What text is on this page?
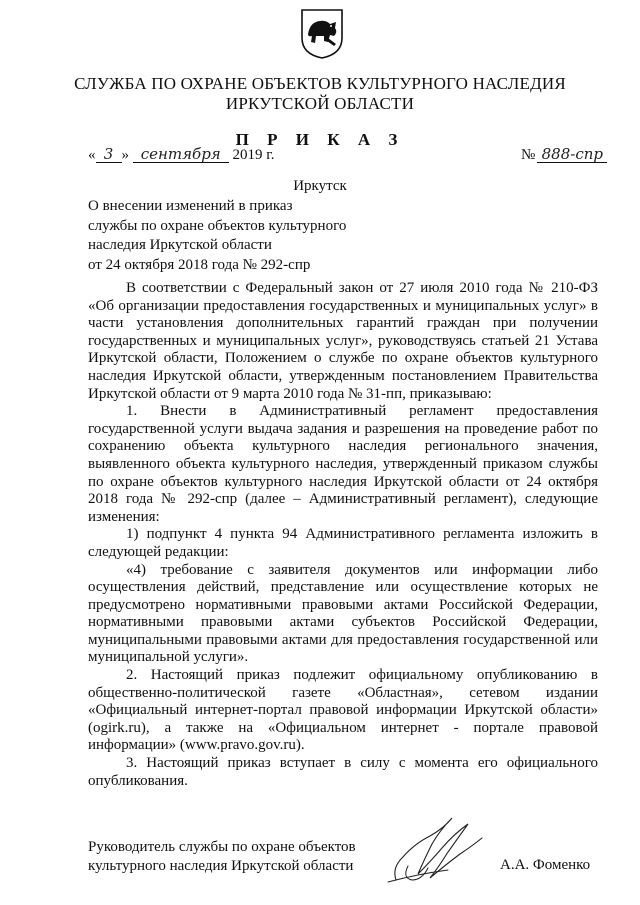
СЛУЖБА ПО ОХРАНЕ ОБЪЕКТОВ КУЛЬТУРНОГО НАСЛЕДИЯ
ИРКУТСКОЙ ОБЛАСТИ
П Р И К А З
« 3 » сентября 2019 г.	№ 888-спр
Иркутск
О внесении изменений в приказ
службы по охране объектов культурного
наследия Иркутской области
от 24 октября 2018 года № 292-спр

В соответствии с Федеральный закон от 27 июля 2010 года № 210-ФЗ «Об организации предоставления государственных и муниципальных услуг» в части установления дополнительных гарантий граждан при получении государственных и муниципальных услуг», руководствуясь статьей 21 Устава Иркутской области, Положением о службе по охране объектов культурного наследия Иркутской области, утвержденным постановлением Правительства Иркутской области от 9 марта 2010 года № 31-пп, приказываю:

1. Внести в Административный регламент предоставления государственной услуги выдача задания и разрешения на проведение работ по сохранению объекта культурного наследия регионального значения, выявленного объекта культурного наследия, утвержденный приказом службы по охране объектов культурного наследия Иркутской области от 24 октября 2018 года № 292-спр (далее – Административный регламент), следующие изменения:

1) подпункт 4 пункта 94 Административного регламента изложить в следующей редакции:

«4) требование с заявителя документов или информации либо осуществления действий, представление или осуществление которых не предусмотрено нормативными правовыми актами Российской Федерации, нормативными правовыми актами субъектов Российской Федерации, муниципальными правовыми актами для предоставления государственной или муниципальной услуги».

2. Настоящий приказ подлежит официальному опубликованию в общественно-политической газете «Областная», сетевом издании «Официальный интернет-портал правовой информации Иркутской области» (ogirk.ru), а также на «Официальном интернет - портале правовой информации» (www.pravo.gov.ru).

3. Настоящий приказ вступает в силу с момента его официального опубликования.

Руководитель службы по охране объектов
культурного наследия Иркутской области	А.А. Фоменко
